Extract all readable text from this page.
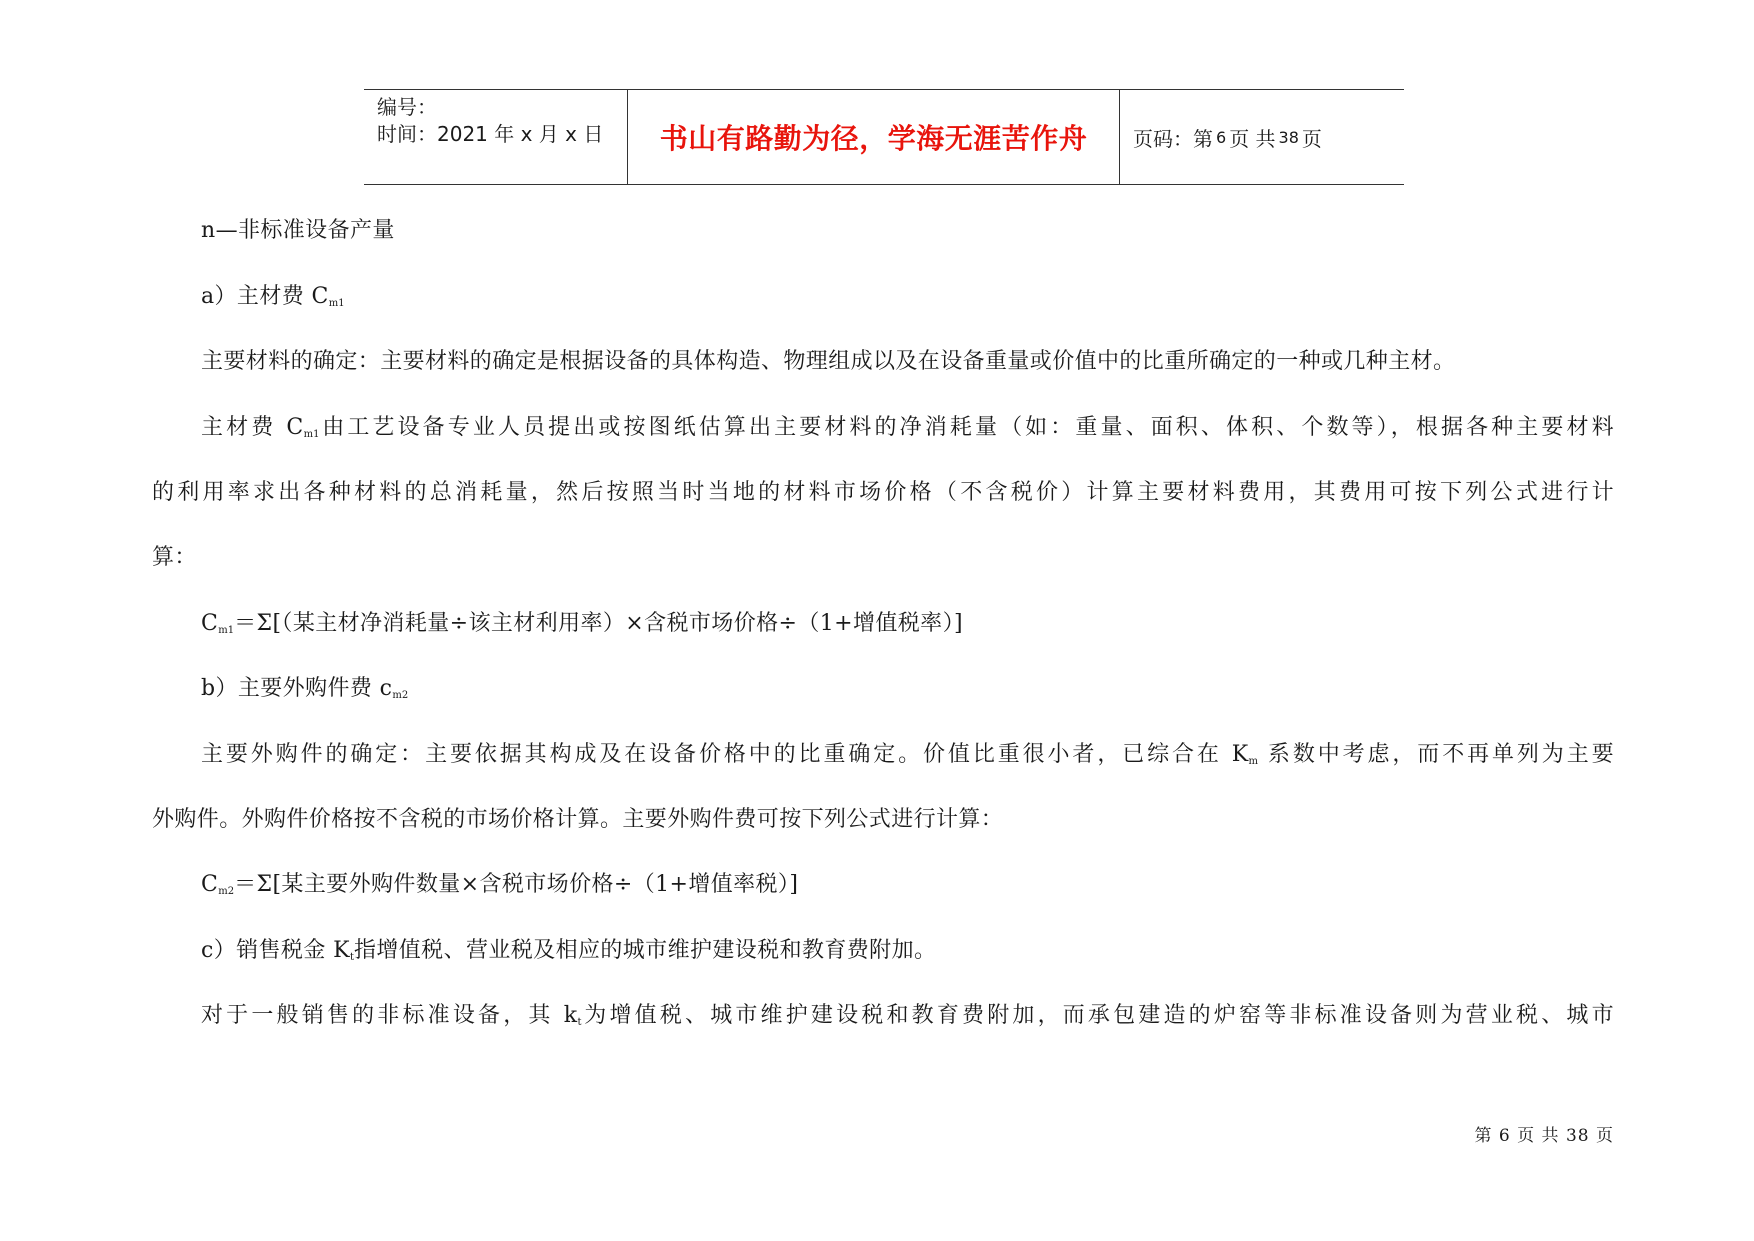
编号：
时间：2021 年 x 月 x 日	书山有路勤为径，学海无涯苦作舟	页码：第 6 页 共 38 页
n—非标准设备产量
a）主材费 $C_{m1}$
主要材料的确定：主要材料的确定是根据设备的具体构造、物理组成以及在设备重量或价值中的比重所确定的一种或几种主材。
主材费 $C_{m1}$由工艺设备专业人员提出或按图纸估算出主要材料的净消耗量（如：重量、面积、体积、个数等），根据各种主要材料
的利用率求出各种材料的总消耗量，然后按照当时当地的材料市场价格（不含税价）计算主要材料费用，其费用可按下列公式进行计
算：
$C_{m1}=\Sigma$[（某主材净消耗量÷该主材利用率）×含税市场价格÷（1+增值税率）]
b）主要外购件费 $c_{m2}$
主要外购件的确定：主要依据其构成及在设备价格中的比重确定。价值比重很小者，已综合在 $K_m$ 系数中考虑，而不再单列为主要
外购件。外购件价格按不含税的市场价格计算。主要外购件费可按下列公式进行计算：
$C_{m2}=\Sigma$[某主要外购件数量×含税市场价格÷（1+增值率税）]
c）销售税金 $K_t$指增值税、营业税及相应的城市维护建设税和教育费附加。
对于一般销售的非标准设备，其 $k_t$为增值税、城市维护建设税和教育费附加，而承包建造的炉窑等非标准设备则为营业税、城市
第 6 页 共 38 页
